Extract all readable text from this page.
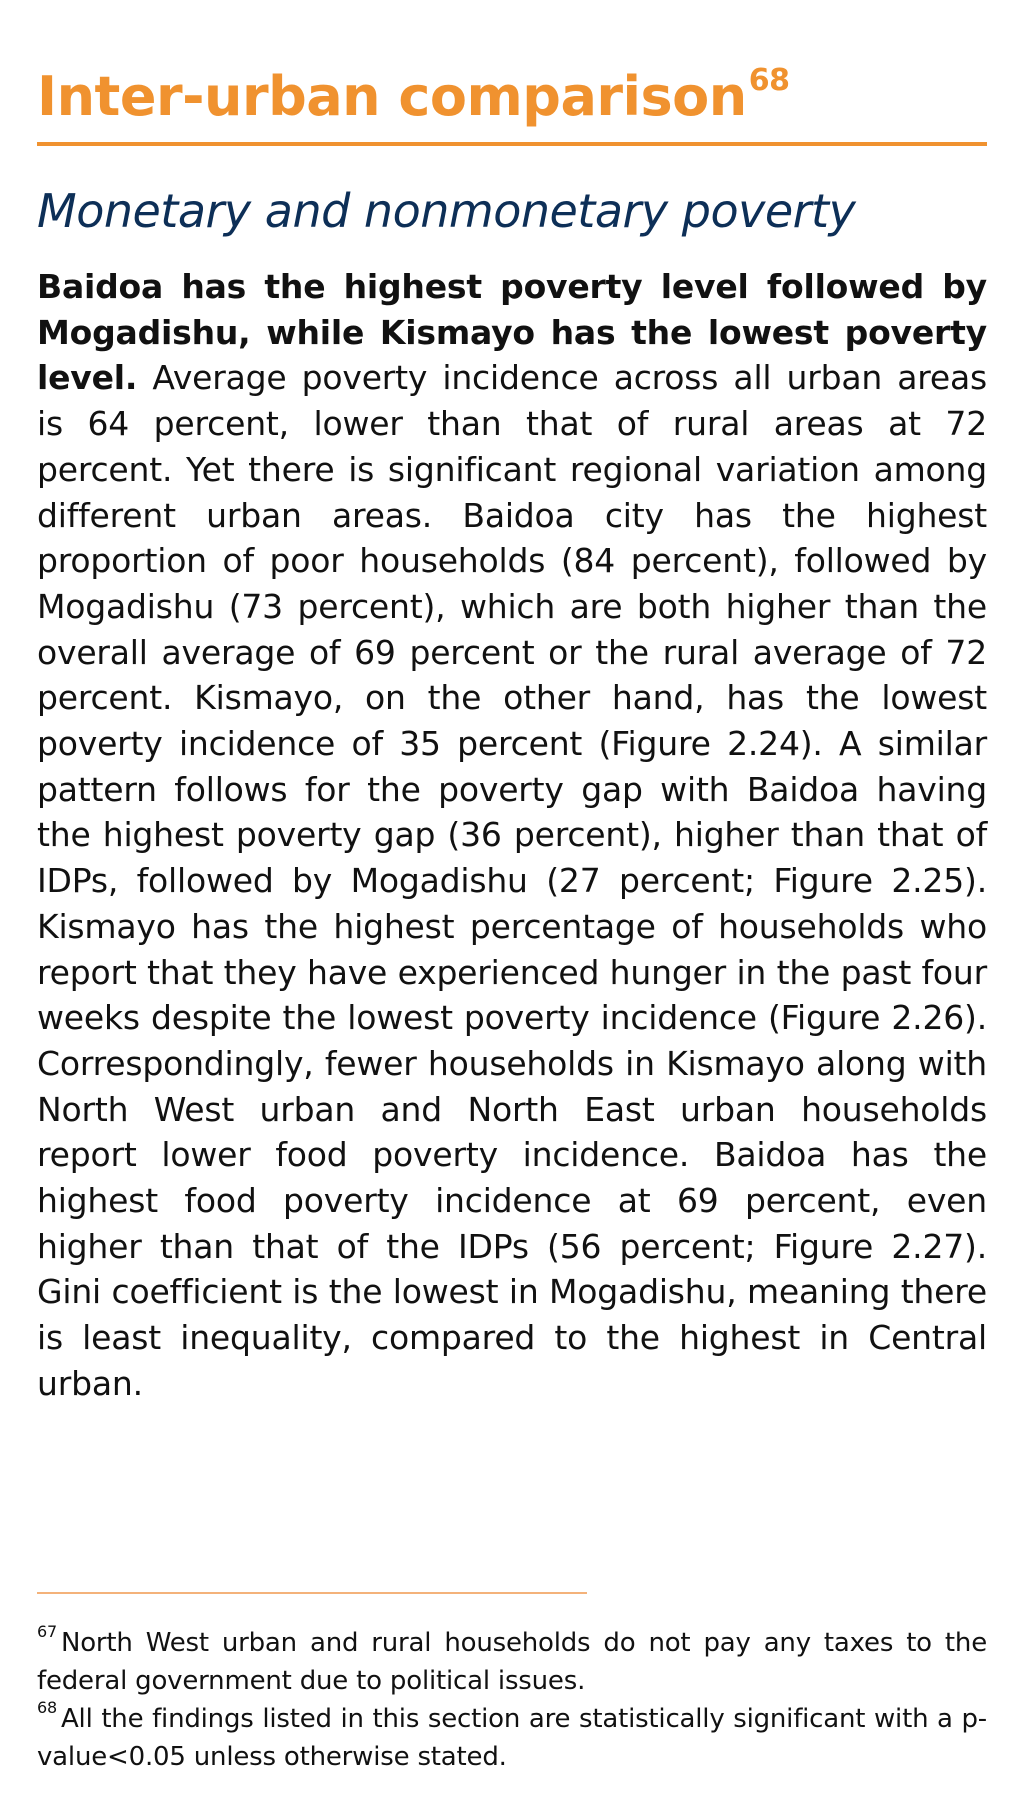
Inter-urban comparison$^{68}$
Monetary and nonmonetary poverty

Baidoa has the highest poverty level followed by Mogadishu, while Kismayo has the lowest poverty level. Average poverty incidence across all urban areas is 64 percent, lower than that of rural areas at 72 percent. Yet there is significant regional variation among different urban areas. Baidoa city has the highest proportion of poor households (84 percent), followed by Mogadishu (73 percent), which are both higher than the overall average of 69 percent or the rural average of 72 percent. Kismayo, on the other hand, has the lowest poverty incidence of 35 percent (Figure 2.24). A similar pattern follows for the poverty gap with Baidoa having the highest poverty gap (36 percent), higher than that of IDPs, followed by Mogadishu (27 percent; Figure 2.25). Kismayo has the highest percentage of households who report that they have experienced hunger in the past four weeks despite the lowest poverty incidence (Figure 2.26). Correspondingly, fewer households in Kismayo along with North West urban and North East urban households report lower food poverty incidence. Baidoa has the highest food poverty incidence at 69 percent, even higher than that of the IDPs (56 percent; Figure 2.27). Gini coefficient is the lowest in Mogadishu, meaning there is least inequality, compared to the highest in Central urban.

$^{67}$ North West urban and rural households do not pay any taxes to the federal government due to political issues.

$^{68}$ All the findings listed in this section are statistically significant with a p-value<0.05 unless otherwise stated.
